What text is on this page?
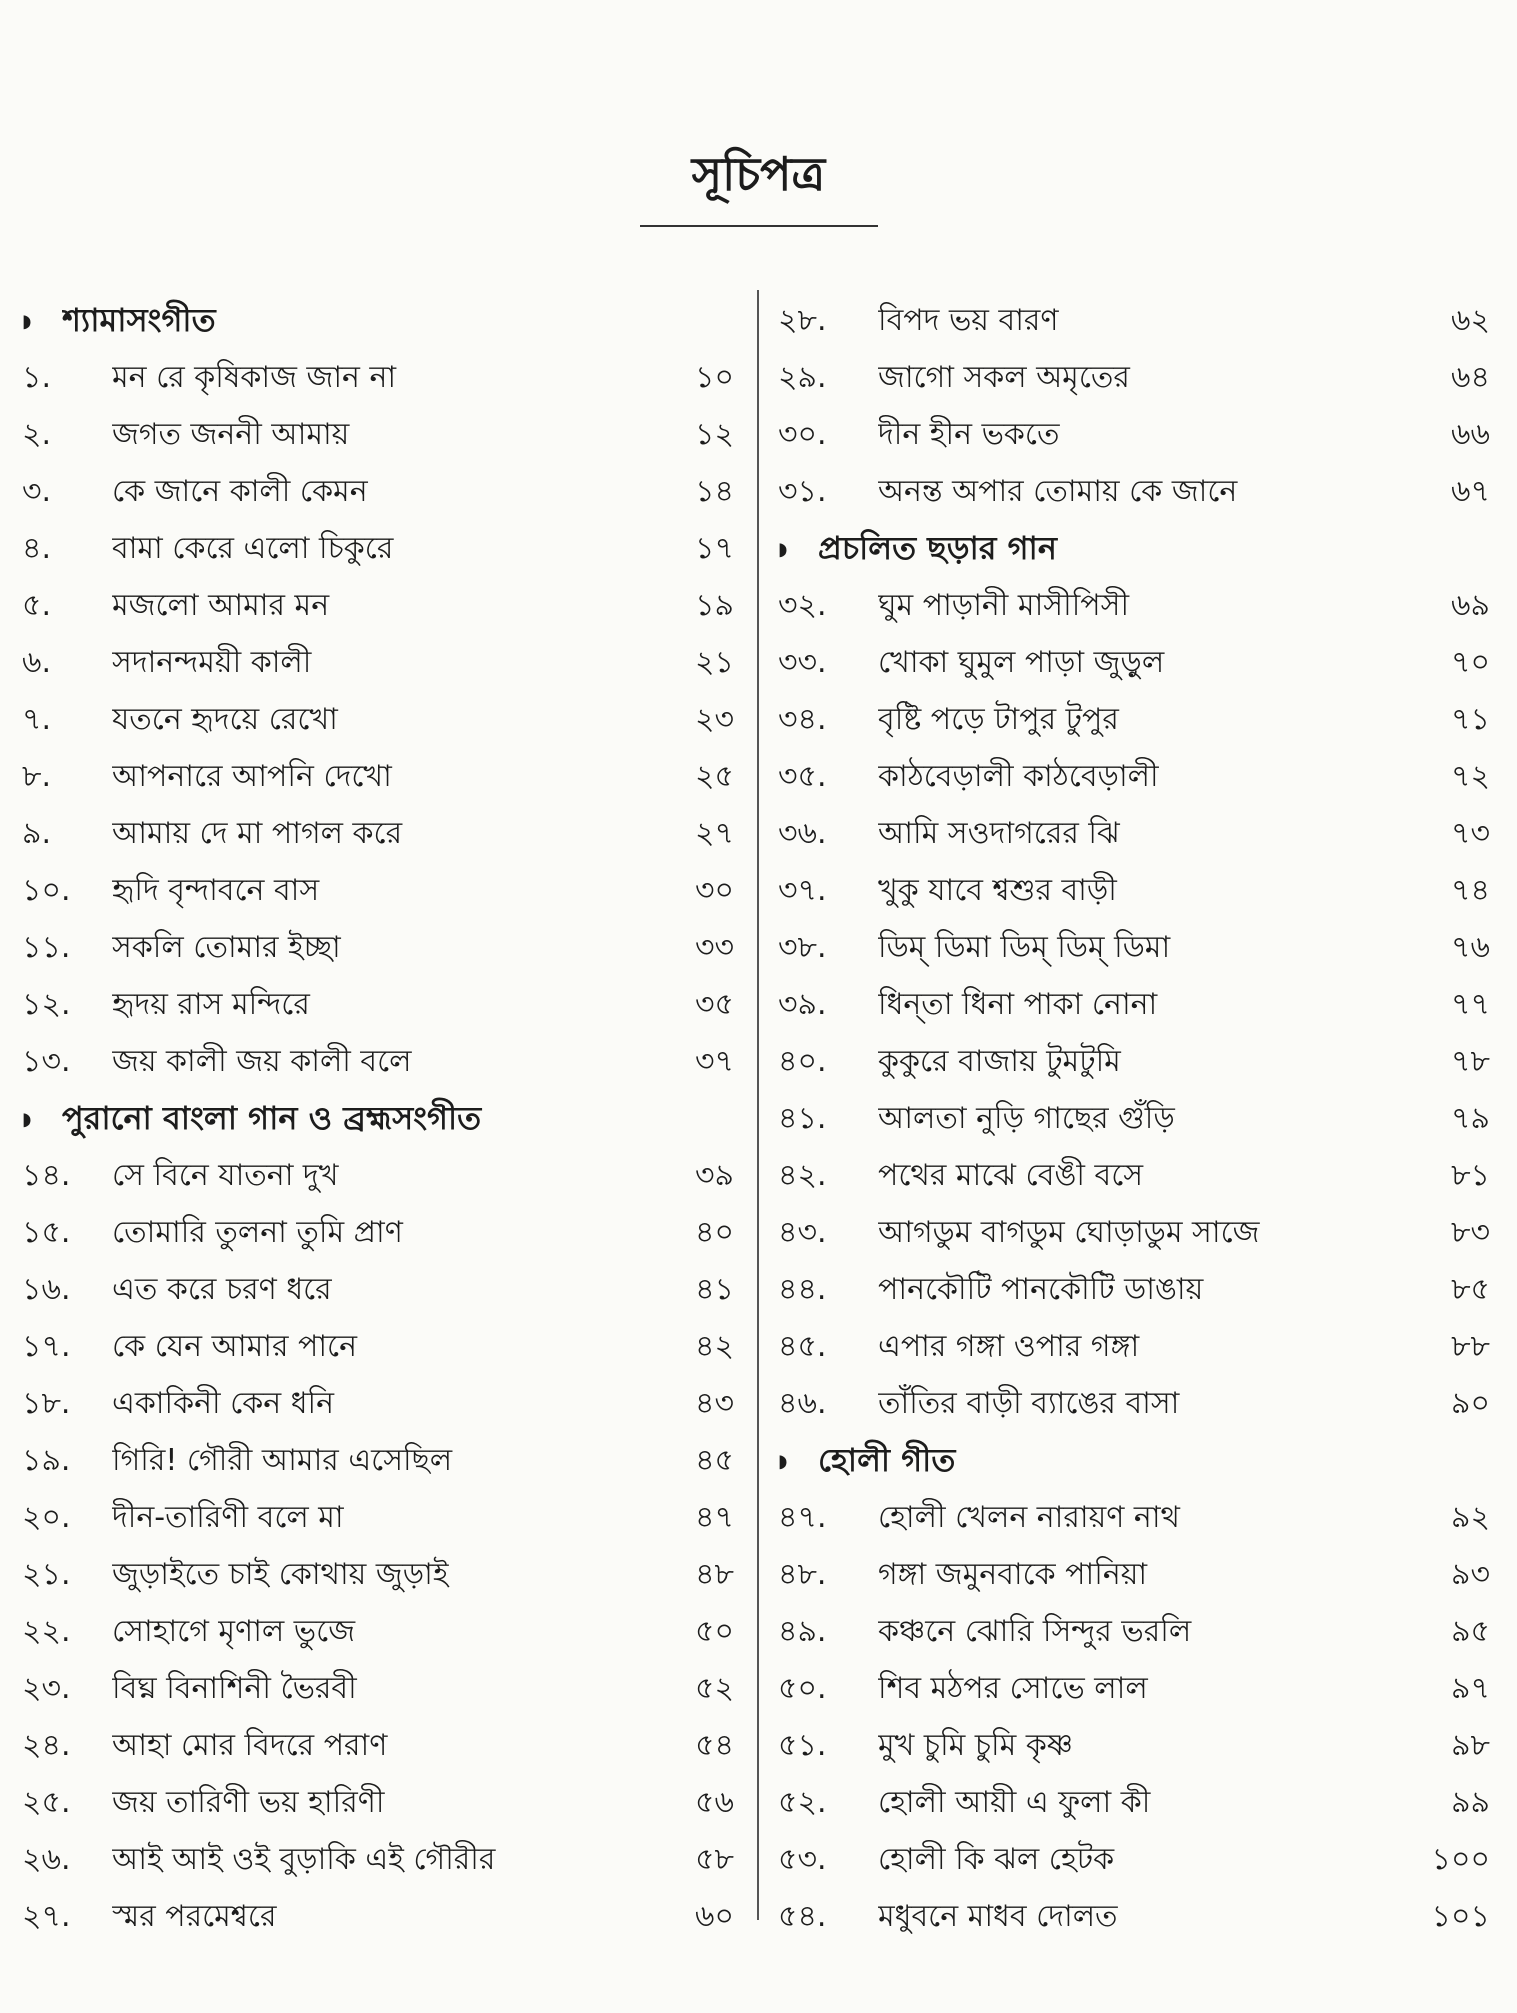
সূচিপত্র
◗ শ্যামাসংগীত
১.	মন রে কৃষিকাজ জান না	১০
২.	জগত জননী আমায়	১২
৩.	কে জানে কালী কেমন	১৪
৪.	বামা কেরে এলো চিকুরে	১৭
৫.	মজলো আমার মন	১৯
৬.	সদানন্দময়ী কালী	২১
৭.	যতনে হৃদয়ে রেখো	২৩
৮.	আপনারে আপনি দেখো	২৫
৯.	আমায় দে মা পাগল করে	২৭
১০.	হৃদি বৃন্দাবনে বাস	৩০
১১.	সকলি তোমার ইচ্ছা	৩৩
১২.	হৃদয় রাস মন্দিরে	৩৫
১৩.	জয় কালী জয় কালী বলে	৩৭
◗ পুরানো বাংলা গান ও ব্রহ্মসংগীত
১৪.	সে বিনে যাতনা দুখ	৩৯
১৫.	তোমারি তুলনা তুমি প্রাণ	৪০
১৬.	এত করে চরণ ধরে	৪১
১৭.	কে যেন আমার পানে	৪২
১৮.	একাকিনী কেন ধনি	৪৩
১৯.	গিরি! গৌরী আমার এসেছিল	৪৫
২০.	দীন-তারিণী বলে মা	৪৭
২১.	জুড়াইতে চাই কোথায় জুড়াই	৪৮
২২.	সোহাগে মৃণাল ভুজে	৫০
২৩.	বিঘ্ন বিনাশিনী ভৈরবী	৫২
২৪.	আহা মোর বিদরে পরাণ	৫৪
২৫.	জয় তারিণী ভয় হারিণী	৫৬
২৬.	আই আই ওই বুড়াকি এই গৌরীর	৫৮
২৭.	স্মর পরমেশ্বরে	৬০
২৮.	বিপদ ভয় বারণ	৬২
২৯.	জাগো সকল অমৃতের	৬৪
৩০.	দীন হীন ভকতে	৬৬
৩১.	অনন্ত অপার তোমায় কে জানে	৬৭
◗ প্রচলিত ছড়ার গান
৩২.	ঘুম পাড়ানী মাসীপিসী	৬৯
৩৩.	খোকা ঘুমুল পাড়া জুড়ুল	৭০
৩৪.	বৃষ্টি পড়ে টাপুর টুপুর	৭১
৩৫.	কাঠবেড়ালী কাঠবেড়ালী	৭২
৩৬.	আমি সওদাগরের ঝি	৭৩
৩৭.	খুকু যাবে শ্বশুর বাড়ী	৭৪
৩৮.	ডিম্ ডিমা ডিম্ ডিম্ ডিমা	৭৬
৩৯.	ধিন্‌তা ধিনা পাকা নোনা	৭৭
৪০.	কুকুরে বাজায় টুমটুমি	৭৮
৪১.	আলতা নুড়ি গাছের গুঁড়ি	৭৯
৪২.	পথের মাঝে বেঙী বসে	৮১
৪৩.	আগডুম বাগডুম ঘোড়াডুম সাজে	৮৩
৪৪.	পানকৌটি পানকৌটি ডাঙায়	৮৫
৪৫.	এপার গঙ্গা ওপার গঙ্গা	৮৮
৪৬.	তাঁতির বাড়ী ব্যাঙের বাসা	৯০
◗ হোলী গীত
৪৭.	হোলী খেলন নারায়ণ নাথ	৯২
৪৮.	গঙ্গা জমুনবাকে পানিয়া	৯৩
৪৯.	কঞ্চনে ঝোরি সিন্দুর ভরলি	৯৫
৫০.	শিব মঠপর সোভে লাল	৯৭
৫১.	মুখ চুমি চুমি কৃষ্ণ	৯৮
৫২.	হোলী আয়ী এ ফুলা কী	৯৯
৫৩.	হোলী কি ঝল হেটক	১০০
৫৪.	মধুবনে মাধব দোলত	১০১
